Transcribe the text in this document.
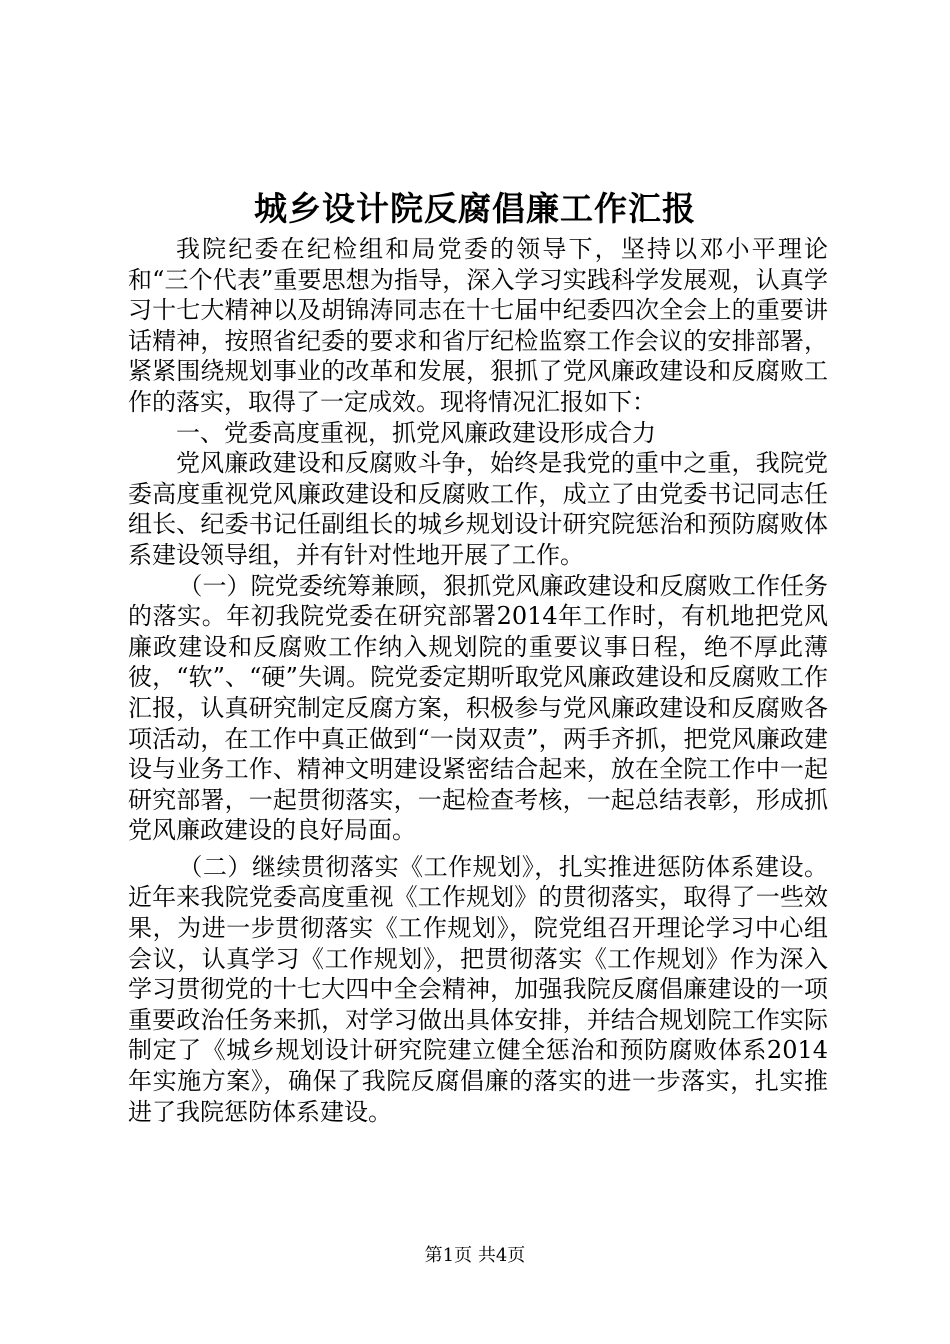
城乡设计院反腐倡廉工作汇报

我院纪委在纪检组和局党委的领导下，坚持以邓小平理论和“三个代表”重要思想为指导，深入学习实践科学发展观，认真学习十七大精神以及胡锦涛同志在十七届中纪委四次全会上的重要讲话精神，按照省纪委的要求和省厅纪检监察工作会议的安排部署，紧紧围绕规划事业的改革和发展，狠抓了党风廉政建设和反腐败工作的落实，取得了一定成效。现将情况汇报如下：

一、党委高度重视，抓党风廉政建设形成合力

党风廉政建设和反腐败斗争，始终是我党的重中之重，我院党委高度重视党风廉政建设和反腐败工作，成立了由党委书记同志任组长、纪委书记任副组长的城乡规划设计研究院惩治和预防腐败体系建设领导组，并有针对性地开展了工作。

（一）院党委统筹兼顾，狠抓党风廉政建设和反腐败工作任务的落实。年初我院党委在研究部署2014年工作时，有机地把党风廉政建设和反腐败工作纳入规划院的重要议事日程，绝不厚此薄彼，“软”、“硬”失调。院党委定期听取党风廉政建设和反腐败工作汇报，认真研究制定反腐方案，积极参与党风廉政建设和反腐败各项活动，在工作中真正做到“一岗双责”，两手齐抓，把党风廉政建设与业务工作、精神文明建设紧密结合起来，放在全院工作中一起研究部署，一起贯彻落实，一起检查考核，一起总结表彰，形成抓党风廉政建设的良好局面。

（二）继续贯彻落实《工作规划》，扎实推进惩防体系建设。近年来我院党委高度重视《工作规划》的贯彻落实，取得了一些效果，为进一步贯彻落实《工作规划》，院党组召开理论学习中心组会议，认真学习《工作规划》，把贯彻落实《工作规划》作为深入学习贯彻党的十七大四中全会精神，加强我院反腐倡廉建设的一项重要政治任务来抓，对学习做出具体安排，并结合规划院工作实际制定了《城乡规划设计研究院建立健全惩治和预防腐败体系2014年实施方案》，确保了我院反腐倡廉的落实的进一步落实，扎实推进了我院惩防体系建设。

第1页 共4页
